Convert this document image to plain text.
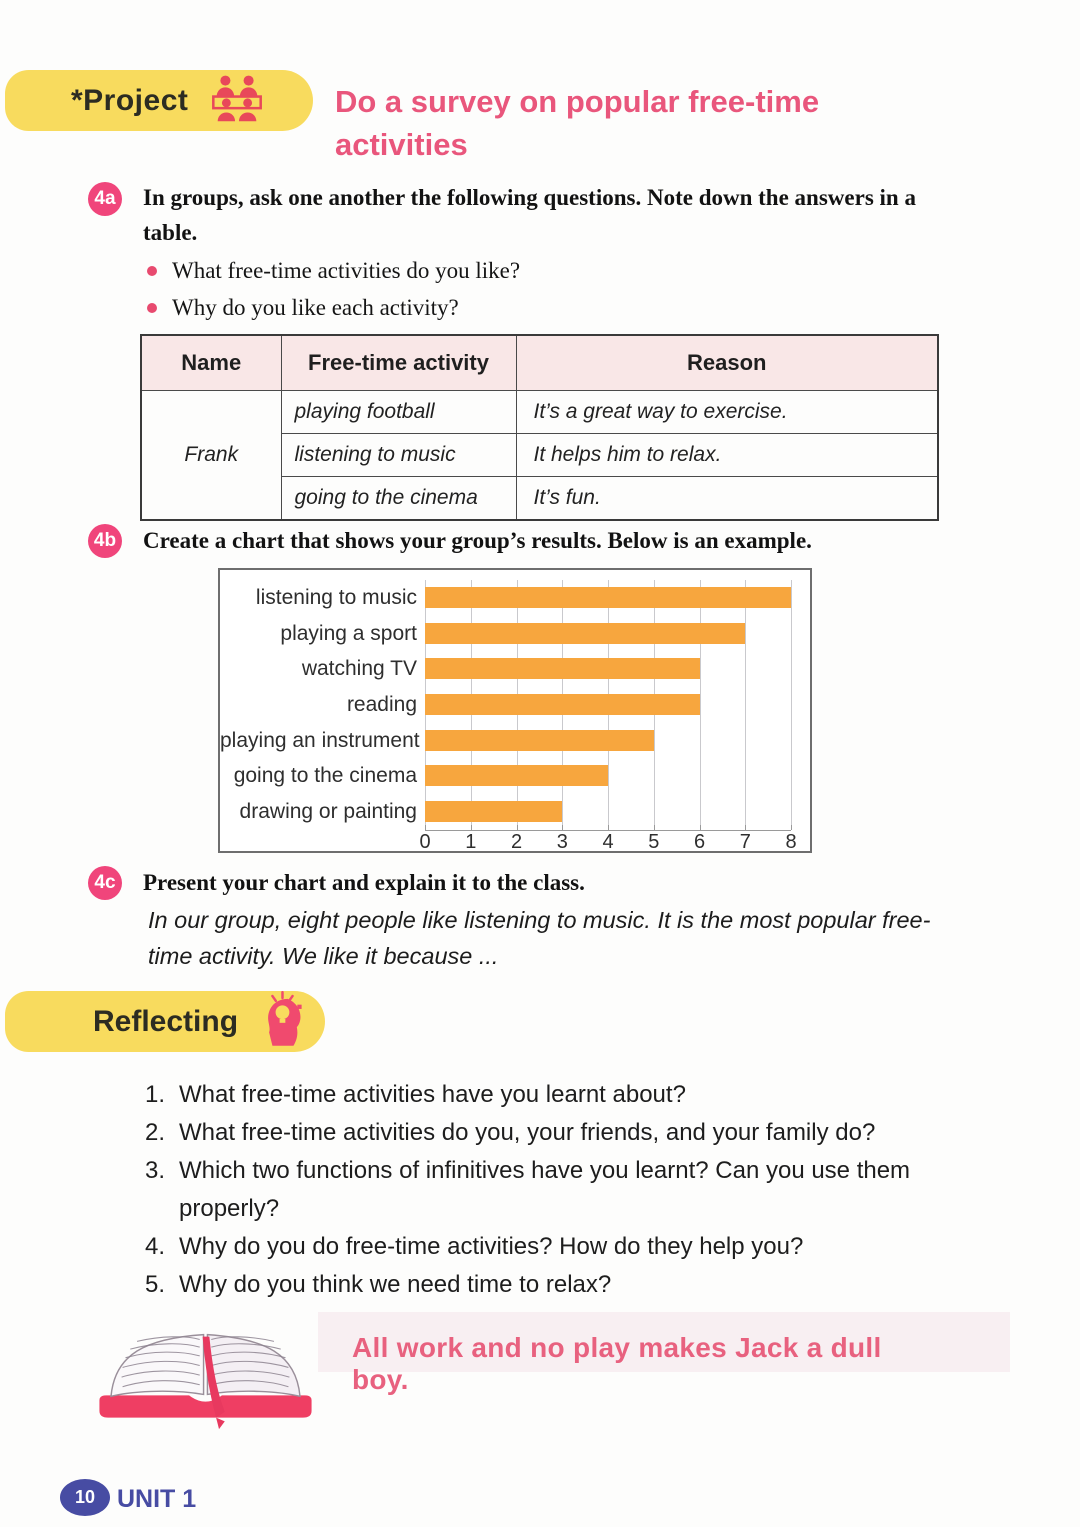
*Project	Do a survey on popular free-time activities
4a In groups, ask one another the following questions. Note down the answers in a table.
What free-time activities do you like?
Why do you like each activity?
Name	Free-time activity	Reason
Frank	playing football	It’s a great way to exercise.
	listening to music	It helps him to relax.
	going to the cinema	It’s fun.
4b Create a chart that shows your group’s results. Below is an example.
listening to music
playing a sport
watching TV
reading
playing an instrument
going to the cinema
drawing or painting
0 1 2 3 4 5 6 7 8
4c Present your chart and explain it to the class.
In our group, eight people like listening to music. It is the most popular free-time activity. We like it because ...
Reflecting
1. What free-time activities have you learnt about?
2. What free-time activities do you, your friends, and your family do?
3. Which two functions of infinitives have you learnt? Can you use them properly?
4. Why do you do free-time activities? How do they help you?
5. Why do you think we need time to relax?
All work and no play makes Jack a dull boy.
10 UNIT 1
